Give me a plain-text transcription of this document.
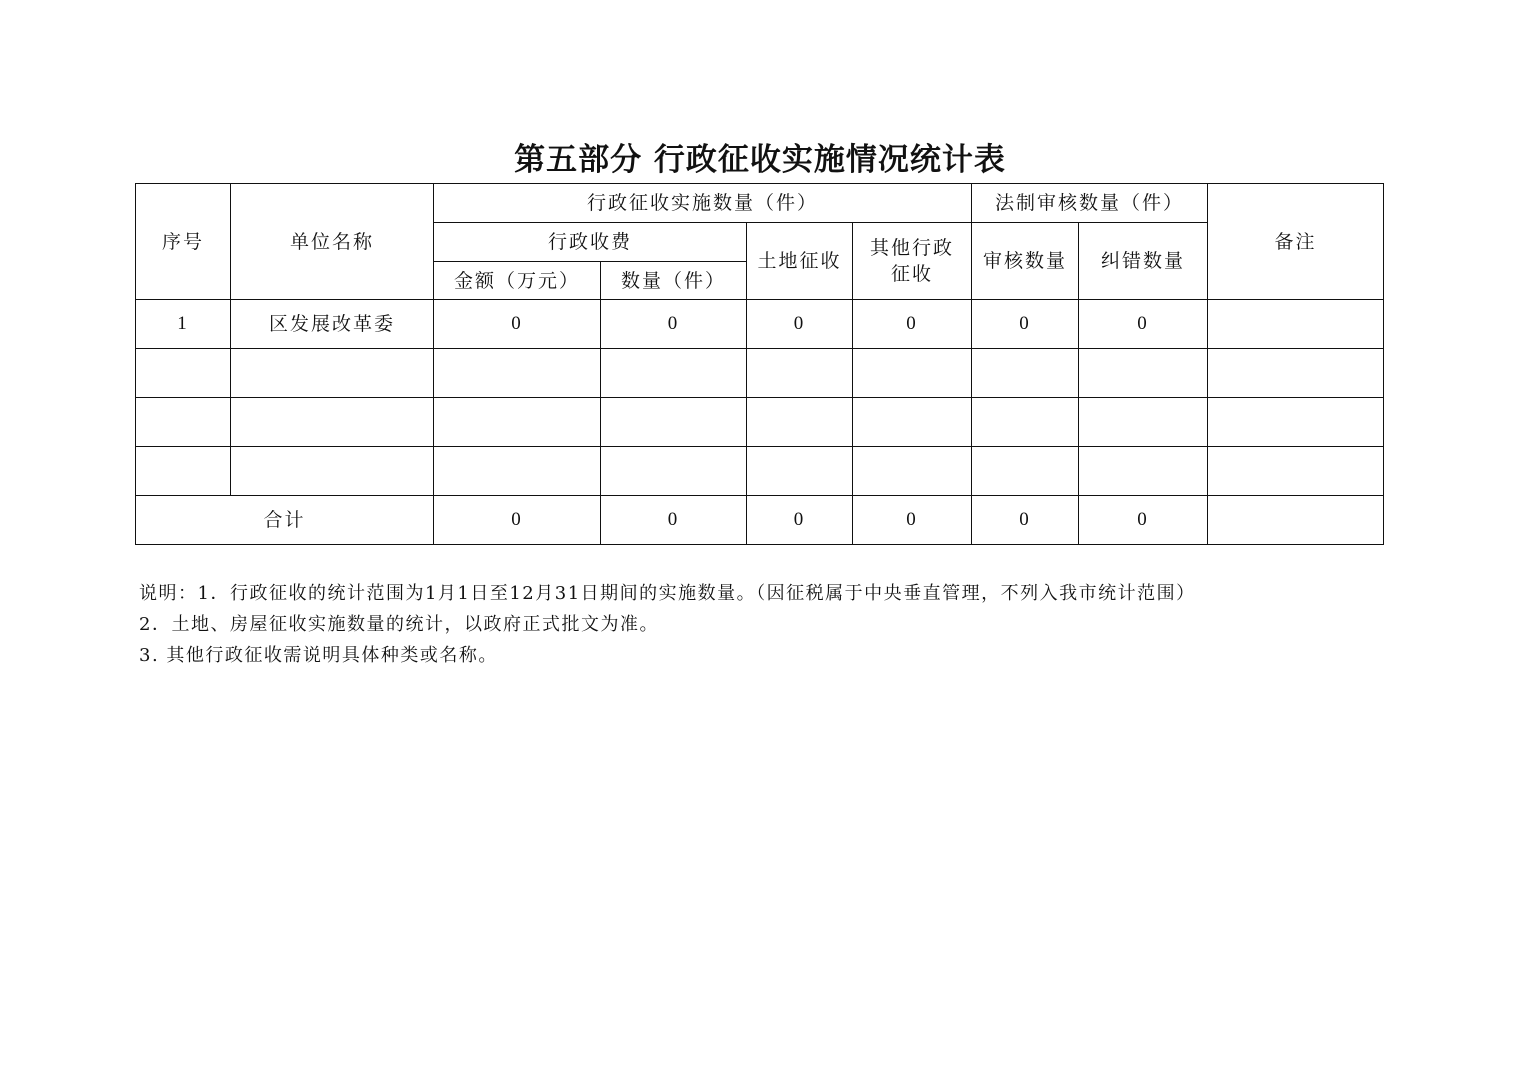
第五部分 行政征收实施情况统计表
序号	单位名称	行政征收实施数量（件）				法制审核数量（件）		备注
		行政收费		土地征收	其他行政征收	审核数量	纠错数量	
		金额（万元）	数量（件）					
1	区发展改革委	0	0	0	0	0	0	

合计		0	0	0	0	0	0	
说明：1．行政征收的统计范围为1月1日至12月31日期间的实施数量。（因征税属于中央垂直管理，不列入我市统计范围）
2．土地、房屋征收实施数量的统计，以政府正式批文为准。
3. 其他行政征收需说明具体种类或名称。
